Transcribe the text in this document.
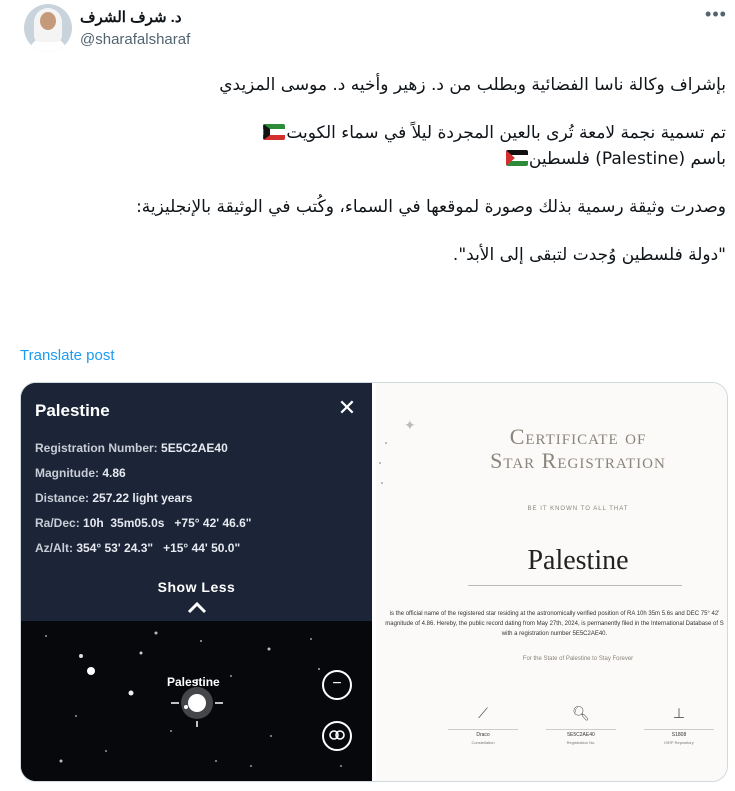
د. شرف الشرف
@sharafalsharaf
•••

بإشراف وكالة ناسا الفضائية وبطلب من د. زهير وأخيه د. موسى المزيدي

تم تسمية نجمة لامعة تُرى بالعين المجردة ليلاً في سماء الكويت

باسم (Palestine) فلسطين

وصدرت وثيقة رسمية بذلك وصورة لموقعها في السماء، وكُتب في الوثيقة بالإنجليزية:

"دولة فلسطين وُجدت لتبقى إلى الأبد".

Translate post
Palestine	✕
Registration Number: 5E5C2AE40
Magnitude: 4.86
Distance: 257.22 light years
Ra/Dec: 10h  35m05.0s   +75° 42' 46.6"
Az/Alt: 354° 53' 24.3"   +15° 44' 50.0"
Show Less
Palestine	−
✦	Certificate of
Star Registration
BE IT KNOWN TO ALL THAT
Palestine
is the official name of the registered star residing at the astronomically verified position of RA 10h 35m 5.6s and DEC 75° 42'
magnitude of 4.86. Hereby, the public record dating from May 27th, 2024, is permanently filed in the International Database of S
with a registration number 5E5C2AE40.
For the State of Palestine to Stay Forever
⟋
Draco
Constellation
🔍︎
5E5C2AE40
Registration No.
⊥
S1808
ISRP Repository
